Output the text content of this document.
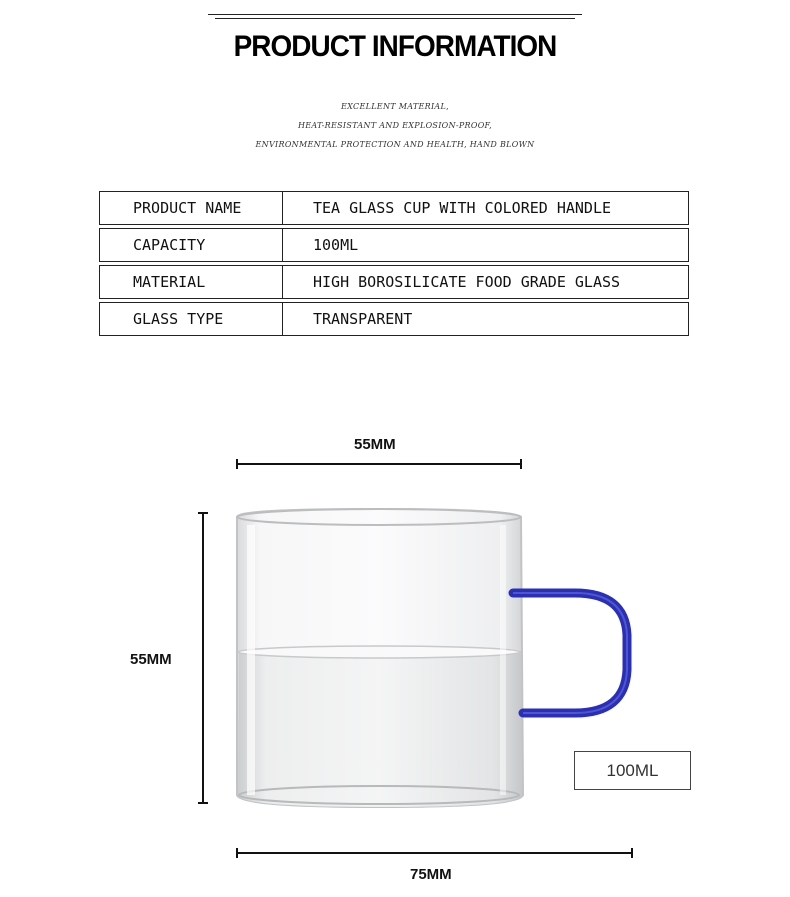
PRODUCT INFORMATION
EXCELLENT MATERIAL,
HEAT-RESISTANT AND EXPLOSION-PROOF,
ENVIRONMENTAL PROTECTION AND HEALTH, HAND BLOWN
PRODUCT NAME	TEA GLASS CUP WITH COLORED HANDLE
CAPACITY	100ML
MATERIAL	HIGH BOROSILICATE FOOD GRADE GLASS
GLASS TYPE	TRANSPARENT
55MM
55MM
75MM
100ML
